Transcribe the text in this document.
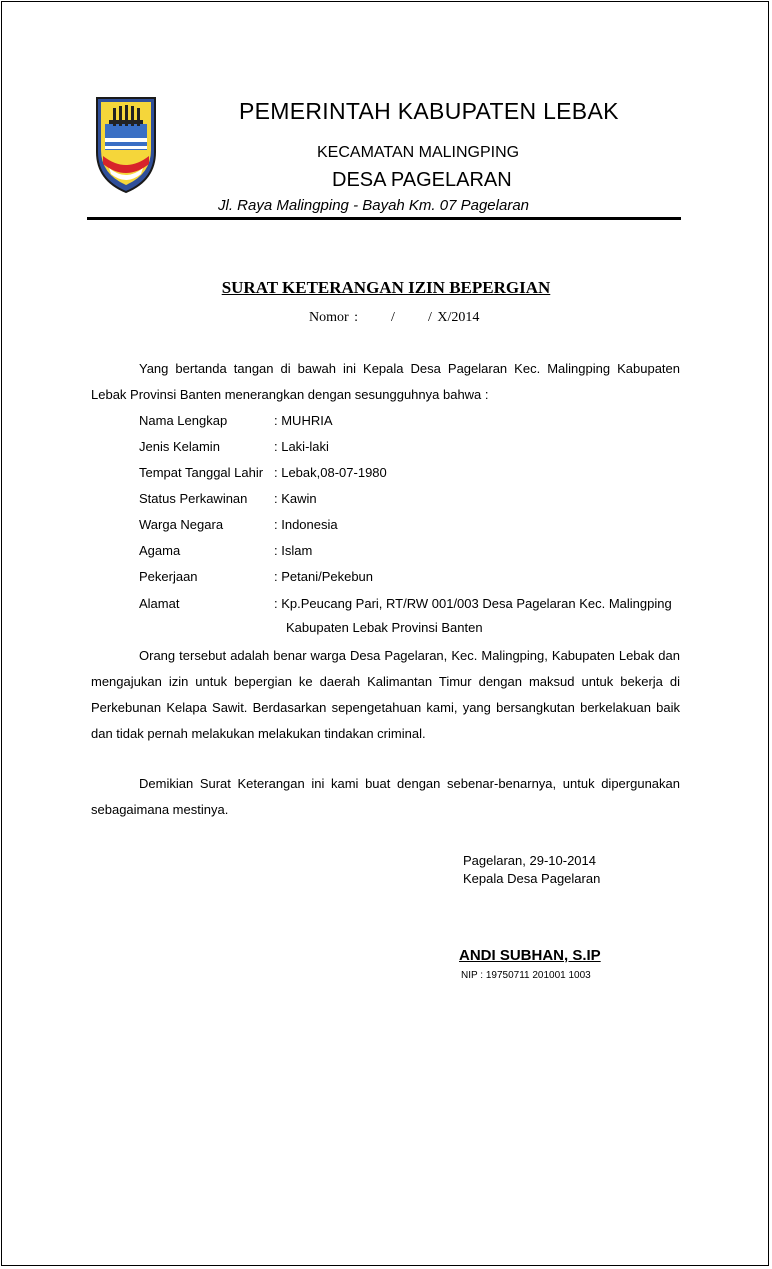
PEMERINTAH KABUPATEN LEBAK
KECAMATAN MALINGPING
DESA PAGELARAN
Jl. Raya Malingping - Bayah Km. 07 Pagelaran
SURAT KETERANGAN IZIN BEPERGIAN
Nomor :      /      / X/2014
Yang bertanda tangan di bawah ini Kepala Desa Pagelaran Kec. Malingping Kabupaten Lebak Provinsi Banten menerangkan dengan sesungguhnya bahwa :
Nama Lengkap	: MUHRIA
Jenis Kelamin	: Laki-laki
Tempat Tanggal Lahir : Lebak,08-07-1980
Status Perkawinan : Kawin
Warga Negara	: Indonesia
Agama	: Islam
Pekerjaan	: Petani/Pekebun
Alamat	: Kp.Peucang Pari, RT/RW 001/003 Desa Pagelaran Kec. Malingping
Kabupaten Lebak Provinsi Banten
Orang tersebut adalah benar warga Desa Pagelaran, Kec. Malingping, Kabupaten Lebak dan mengajukan izin untuk bepergian ke daerah Kalimantan Timur dengan maksud untuk bekerja di Perkebunan Kelapa Sawit. Berdasarkan sepengetahuan kami, yang bersangkutan berkelakuan baik dan tidak pernah melakukan melakukan tindakan criminal.
Demikian Surat Keterangan ini kami buat dengan sebenar-benarnya, untuk dipergunakan sebagaimana mestinya.
Pagelaran, 29-10-2014
Kepala Desa Pagelaran
ANDI SUBHAN, S.IP
NIP : 19750711 201001 1003
